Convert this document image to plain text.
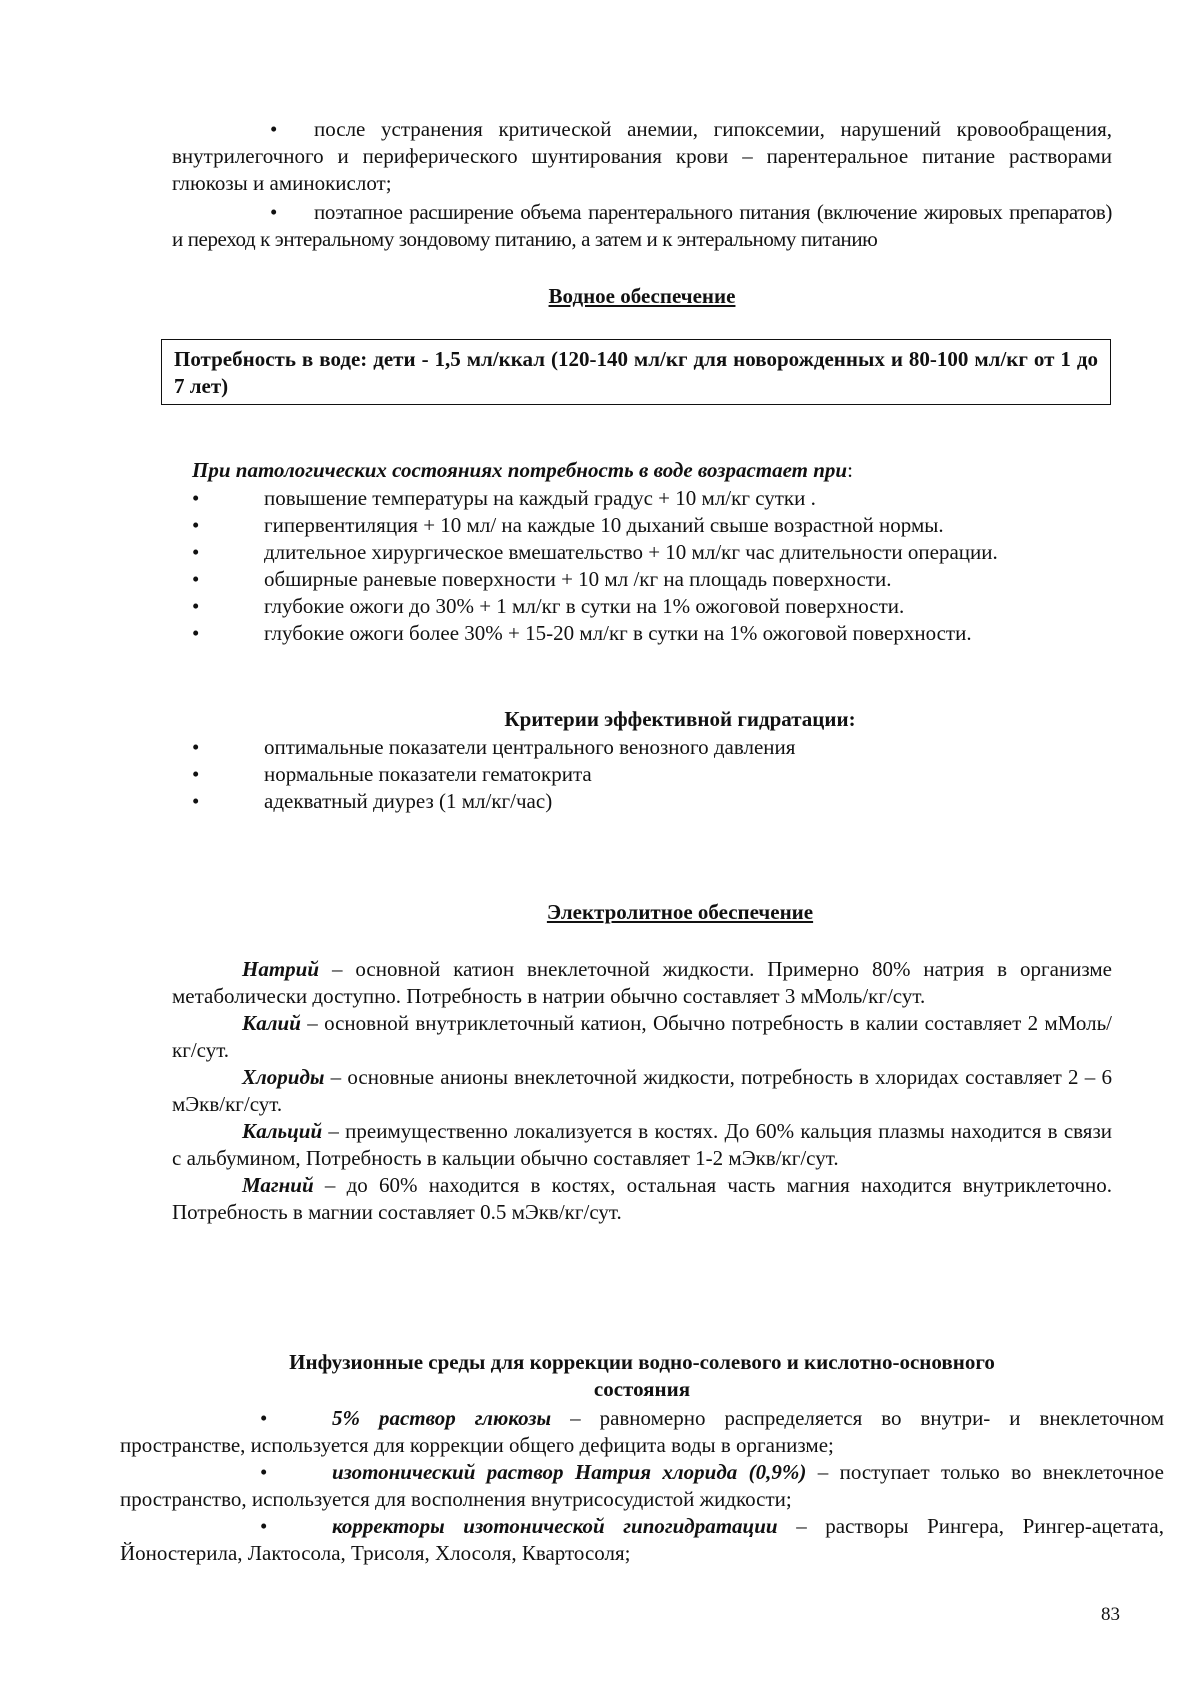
• после устранения критической анемии, гипоксемии, нарушений кровообращения, внутрилегочного и периферического шунтирования крови – парентеральное питание растворами глюкозы и аминокислот;
• поэтапное расширение объема парентерального питания (включение жировых препаратов) и переход к энтеральному зондовому питанию, а затем и к энтеральному питанию
Водное обеспечение
Потребность в воде: дети - 1,5 мл/ккал (120-140 мл/кг для новорожденных и 80-100 мл/кг от 1 до 7 лет)
При патологических состояниях потребность в воде возрастает при:
•	повышение температуры на каждый градус + 10 мл/кг сутки .
•	гипервентиляция + 10 мл/ на каждые 10 дыханий свыше возрастной нормы.
•	длительное хирургическое вмешательство + 10 мл/кг час длительности операции.
•	обширные раневые поверхности + 10 мл /кг на площадь поверхности.
•	глубокие ожоги до 30% + 1 мл/кг в сутки на 1% ожоговой поверхности.
•	глубокие ожоги более 30% + 15-20 мл/кг в сутки на 1% ожоговой поверхности.
Критерии эффективной гидратации:
•	оптимальные показатели центрального венозного давления
•	нормальные показатели гематокрита
•	адекватный диурез (1 мл/кг/час)
Электролитное обеспечение
Натрий – основной катион внеклеточной жидкости. Примерно 80% натрия в организме метаболически доступно. Потребность в натрии обычно составляет 3 мМоль/кг/сут.
Калий – основной внутриклеточный катион, Обычно потребность в калии составляет 2 мМоль/кг/сут.
Хлориды – основные анионы внеклеточной жидкости, потребность в хлоридах составляет 2 – 6 мЭкв/кг/сут.
Кальций – преимущественно локализуется в костях. До 60% кальция плазмы находится в связи с альбумином, Потребность в кальции обычно составляет 1-2 мЭкв/кг/сут.
Магний – до 60% находится в костях, остальная часть магния находится внутриклеточно. Потребность в магнии составляет 0.5 мЭкв/кг/сут.
Инфузионные среды для коррекции водно-солевого и кислотно-основного
состояния
•	5% раствор глюкозы – равномерно распределяется во внутри- и внеклеточном пространстве, используется для коррекции общего дефицита воды в организме;
•	изотонический раствор Натрия хлорида (0,9%) – поступает только во внеклеточное пространство, используется для восполнения внутрисосудистой жидкости;
•	корректоры изотонической гипогидратации – растворы Рингера, Рингер-ацетата, Йоностерила, Лактосола, Трисоля, Хлосоля, Квартосоля;
83
